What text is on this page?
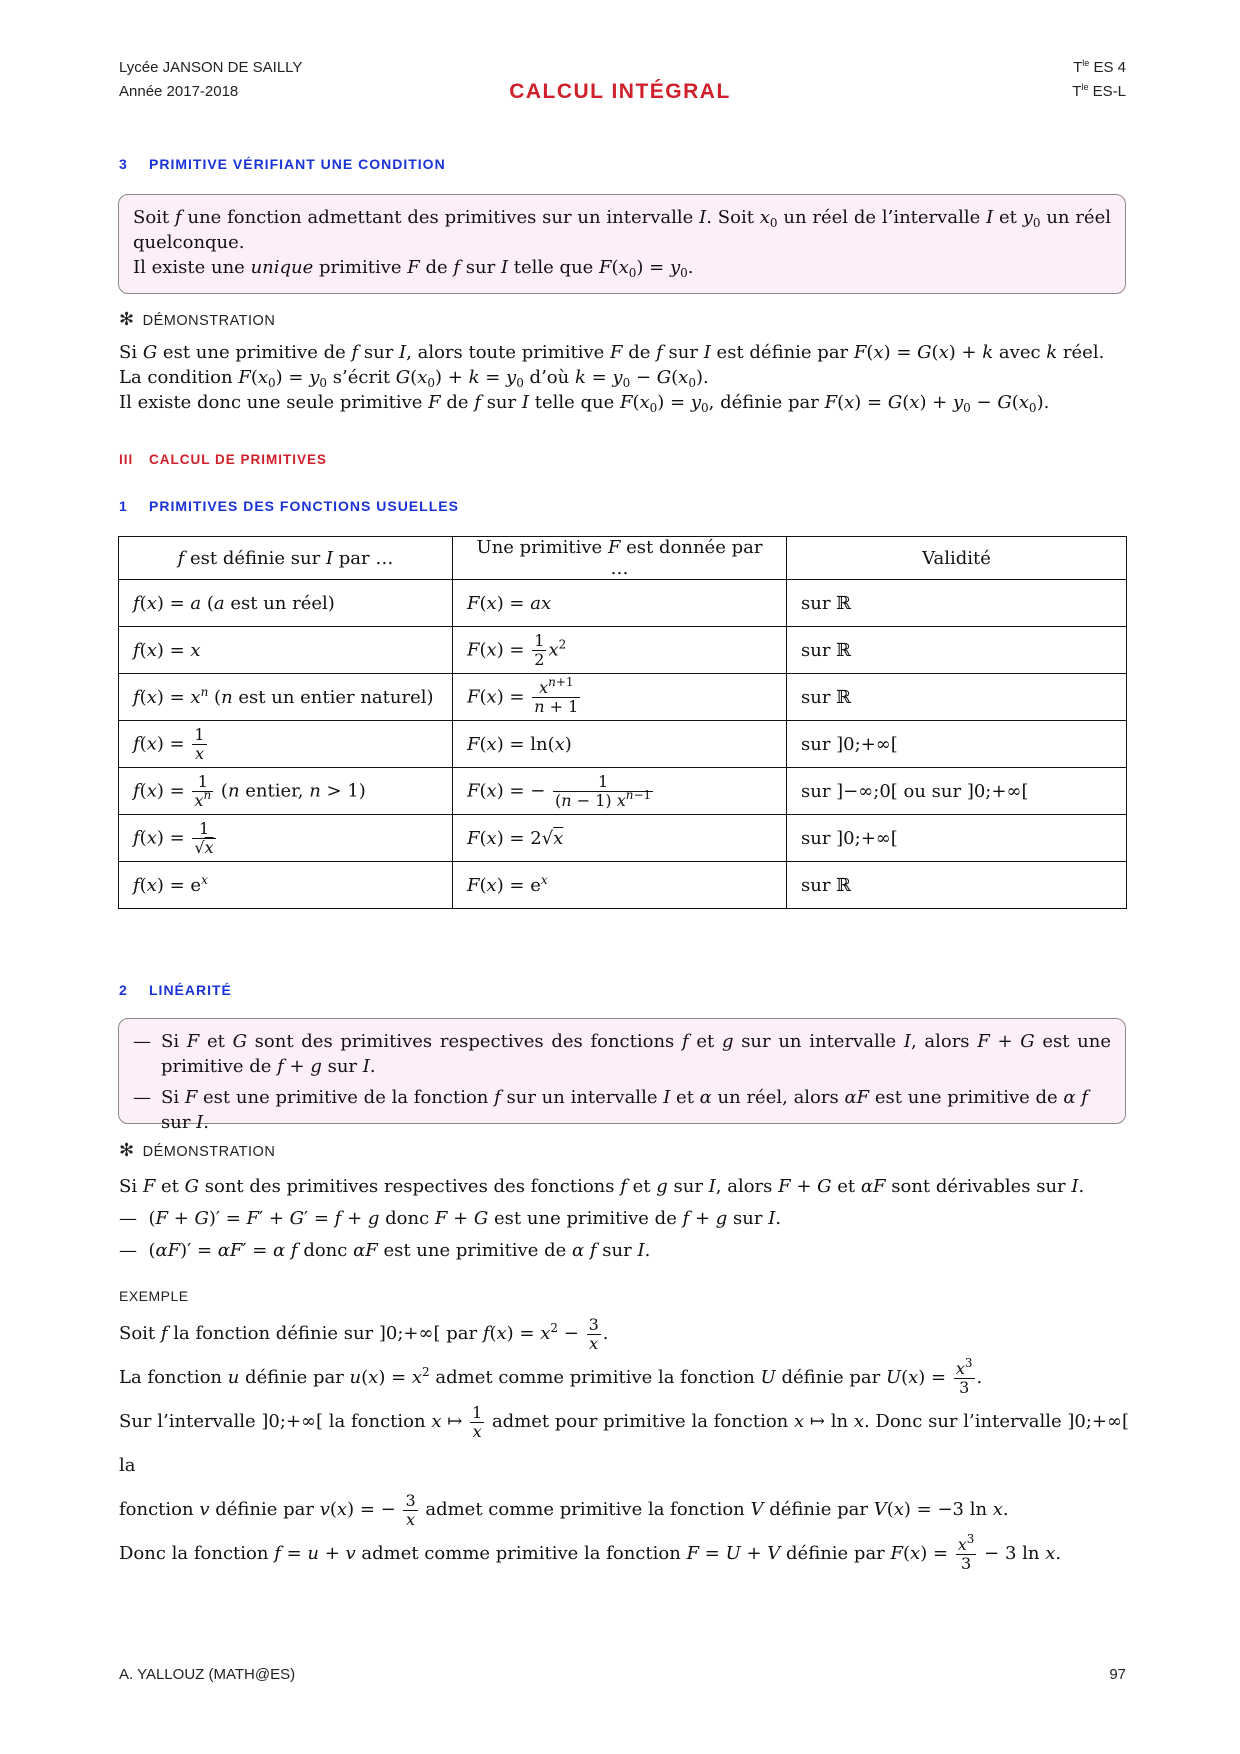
Lycée JANSON DE SAILLY
Année 2017-2018	CALCUL INTÉGRAL
$T^{le}$ ES 4
$T^{le}$ ES-L
3 PRIMITIVE VÉRIFIANT UNE CONDITION
Soit f une fonction admettant des primitives sur un intervalle I. Soit $x_0$ un réel de l’intervalle I et $y_0$ un réel quelconque.
Il existe une unique primitive F de f sur I telle que $F(x_0) = y_0$.
✻ DÉMONSTRATION
Si G est une primitive de f sur I, alors toute primitive F de f sur I est définie par F(x) = G(x) + k avec k réel.
La condition $F(x_0) = y_0$ s’écrit $G(x_0) + k = y_0$ d’où $k = y_0 - G(x_0)$.
Il existe donc une seule primitive F de f sur I telle que $F(x_0) = y_0$, définie par $F(x) = G(x) + y_0 - G(x_0)$.
III CALCUL DE PRIMITIVES
1 PRIMITIVES DES FONCTIONS USUELLES
f est définie sur I par …	Une primitive F est donnée par …	Validité
f(x) = a (a est un réel)	F(x) = ax	sur ℝ
f(x) = x	$F(x) = \frac{1}{2} x^2$	sur ℝ
$f(x) = x^n$ (n est un entier naturel)	$F(x) = \frac{x^{n+1}}{n + 1}$	sur ℝ
$f(x) = \frac{1}{x}$	F(x) = ln(x)	sur ]0;+∞[
$f(x) = \frac{1}{x^n} (n$ entier, n > 1)	F(x) = − $\frac{1}{(n - 1) x^{n-1}}$	sur ]−∞;0[ ou sur ]0;+∞[
$f(x) = \frac{1}{√x}$	F(x) = 2√x	sur ]0;+∞[
$f(x) = e^x$	$F(x) = e^x$	sur ℝ
2 LINÉARITÉ
— Si F et G sont des primitives respectives des fonctions f et g sur un intervalle I, alors F + G est une primitive de f + g sur I.
— Si F est une primitive de la fonction f sur un intervalle I et α un réel, alors αF est une primitive de α f sur I.
✻ DÉMONSTRATION
Si F et G sont des primitives respectives des fonctions f et g sur I, alors F + G et αF sont dérivables sur I.
—  (F + G)′ = F′ + G′ = f + g donc F + G est une primitive de f + g sur I.
—  (αF)′ = αF′ = α f donc αF est une primitive de α f sur I.
EXEMPLE
Soit f la fonction définie sur ]0;+∞[ par $f(x) = x^2 - \frac{3}{x}$ .
La fonction u définie par $u(x) = x^2$ admet comme primitive la fonction U définie par $U(x) = \frac{x^3}{3}$ .
Sur l’intervalle ]0;+∞[ la fonction x ↦ $\frac{1}{x}$ admet pour primitive la fonction x ↦ ln x. Donc sur l’intervalle ]0;+∞[ la
fonction v définie par v(x) = − $\frac{3}{x}$ admet comme primitive la fonction V définie par V(x) = −3 ln x.
Donc la fonction f = u + v admet comme primitive la fonction F = U + V définie par $F(x) = \frac{x^3}{3} - 3$ ln x.
A. YALLOUZ (MATH@ES)	97
